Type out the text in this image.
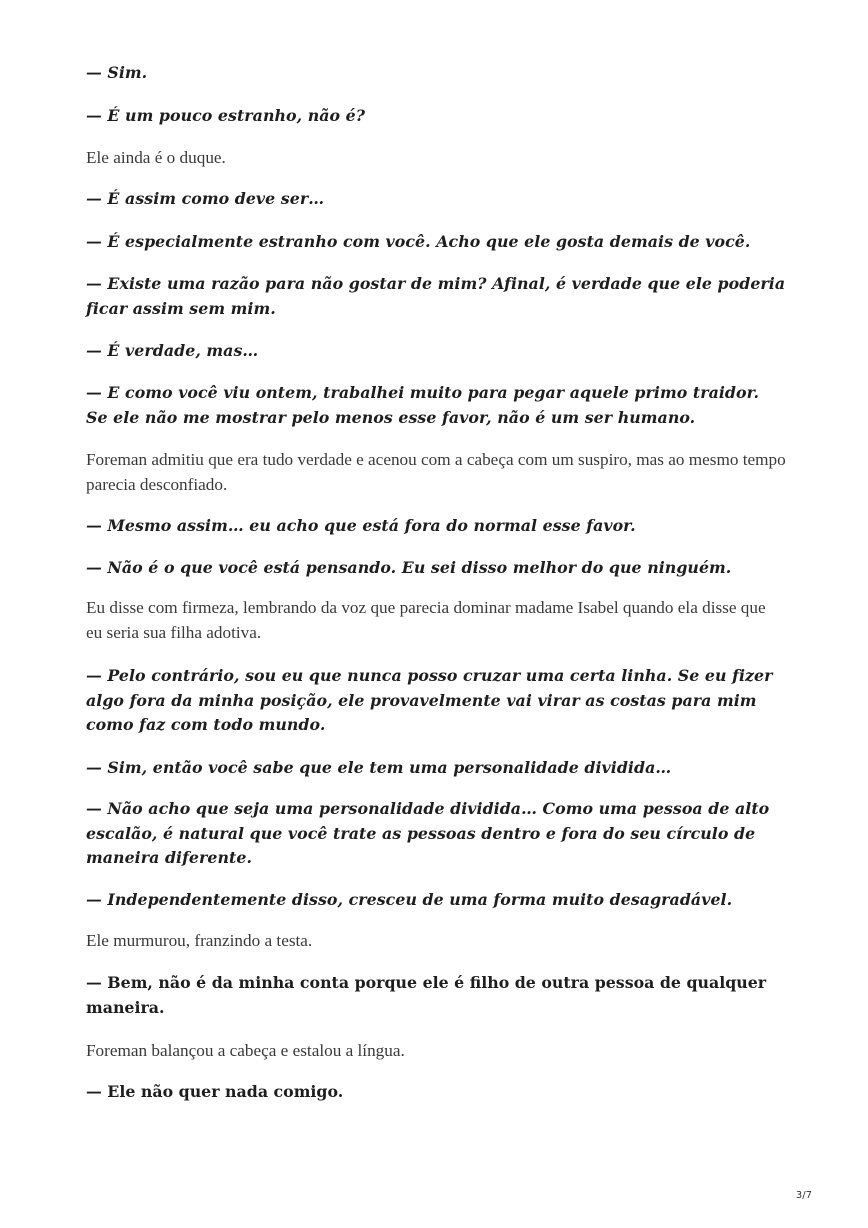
— Sim.

— É um pouco estranho, não é?

Ele ainda é o duque.

— É assim como deve ser…

— É especialmente estranho com você. Acho que ele gosta demais de você.

— Existe uma razão para não gostar de mim? Afinal, é verdade que ele poderia ficar assim sem mim.

— É verdade, mas…

— E como você viu ontem, trabalhei muito para pegar aquele primo traidor. Se ele não me mostrar pelo menos esse favor, não é um ser humano.

Foreman admitiu que era tudo verdade e acenou com a cabeça com um suspiro, mas ao mesmo tempo parecia desconfiado.

— Mesmo assim… eu acho que está fora do normal esse favor.

— Não é o que você está pensando. Eu sei disso melhor do que ninguém.

Eu disse com firmeza, lembrando da voz que parecia dominar madame Isabel quando ela disse que eu seria sua filha adotiva.

— Pelo contrário, sou eu que nunca posso cruzar uma certa linha. Se eu fizer algo fora da minha posição, ele provavelmente vai virar as costas para mim como faz com todo mundo.

— Sim, então você sabe que ele tem uma personalidade dividida…

— Não acho que seja uma personalidade dividida… Como uma pessoa de alto escalão, é natural que você trate as pessoas dentro e fora do seu círculo de maneira diferente.

— Independentemente disso, cresceu de uma forma muito desagradável.

Ele murmurou, franzindo a testa.

— Bem, não é da minha conta porque ele é filho de outra pessoa de qualquer maneira.

Foreman balançou a cabeça e estalou a língua.

— Ele não quer nada comigo.

3/7
